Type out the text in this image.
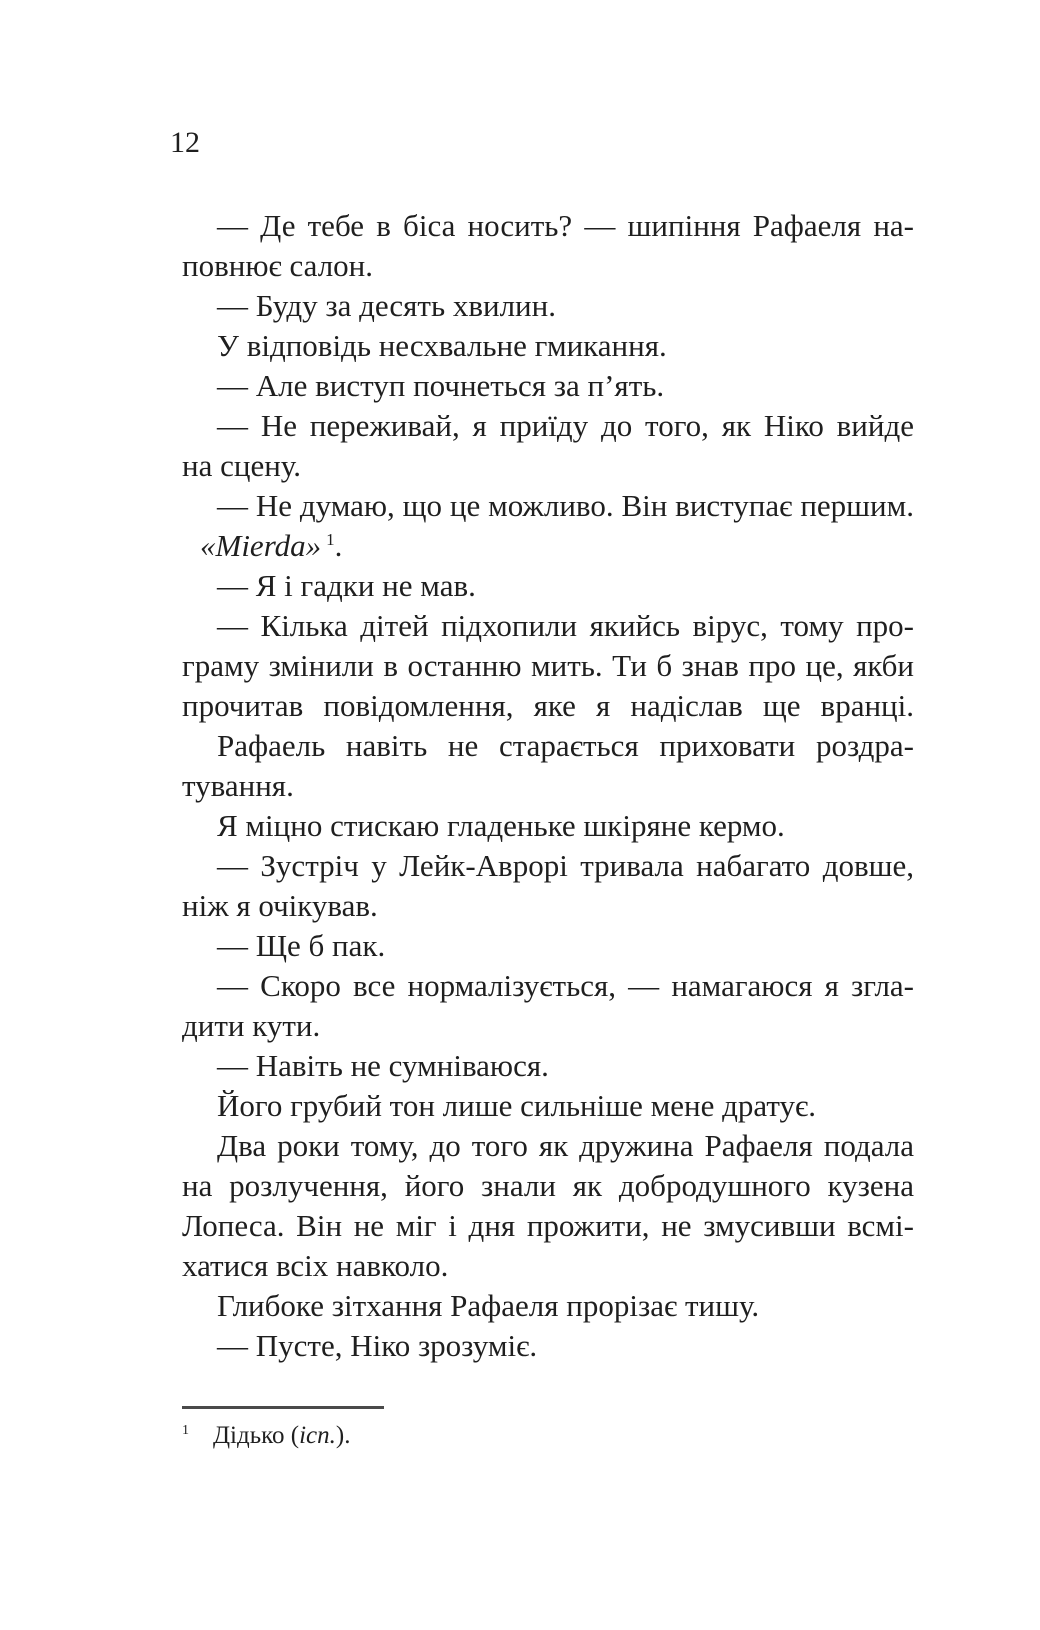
12
— Де тебе в біса носить? — шипіння Рафаеля на-
повнює салон.
— Буду за десять хвилин.
У відповідь несхвальне гмикання.
— Але виступ почнеться за п’ять.
— Не переживай, я приїду до того, як Ніко вийде
на сцену.
— Не думаю, що це можливо. Він виступає першим.
«Mierda» $^1$.
— Я і гадки не мав.
— Кілька дітей підхопили якийсь вірус, тому про-
граму змінили в останню мить. Ти б знав про це, якби
прочитав повідомлення, яке я надіслав ще вранці.
Рафаель навіть не старається приховати роздра-
тування.
Я міцно стискаю гладеньке шкіряне кермо.
— Зустріч у Лейк-Аврорі тривала набагато довше,
ніж я очікував.
— Ще б пак.
— Скоро все нормалізується, — намагаюся я згла-
дити кути.
— Навіть не сумніваюся.
Його грубий тон лише сильніше мене дратує.
Два роки тому, до того як дружина Рафаеля подала
на розлучення, його знали як добродушного кузена
Лопеса. Він не міг і дня прожити, не змусивши всмі-
хатися всіх навколо.
Глибоке зітхання Рафаеля прорізає тишу.
— Пусте, Ніко зрозуміє.
$^1$ Дідько (ісп.).
